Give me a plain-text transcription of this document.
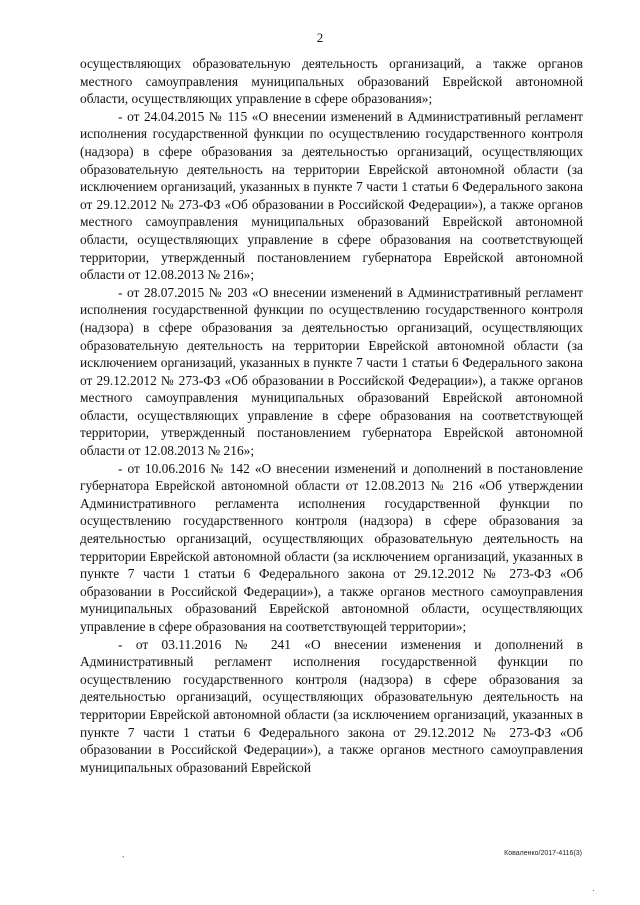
2

осуществляющих образовательную деятельность организаций, а также органов местного самоуправления муниципальных образований Еврейской автономной области, осуществляющих управление в сфере образования»;

- от 24.04.2015 № 115 «О внесении изменений в Административный регламент исполнения государственной функции по осуществлению государственного контроля (надзора) в сфере образования за деятельностью организаций, осуществляющих образовательную деятельность на территории Еврейской автономной области (за исключением организаций, указанных в пункте 7 части 1 статьи 6 Федерального закона от 29.12.2012 № 273-ФЗ «Об образовании в Российской Федерации»), а также органов местного самоуправления муниципальных образований Еврейской автономной области, осуществляющих управление в сфере образования на соответствующей территории, утвержденный постановлением губернатора Еврейской автономной области от 12.08.2013 № 216»;

- от 28.07.2015 № 203 «О внесении изменений в Административный регламент исполнения государственной функции по осуществлению государственного контроля (надзора) в сфере образования за деятельностью организаций, осуществляющих образовательную деятельность на территории Еврейской автономной области (за исключением организаций, указанных в пункте 7 части 1 статьи 6 Федерального закона от 29.12.2012 № 273-ФЗ «Об образовании в Российской Федерации»), а также органов местного самоуправления муниципальных образований Еврейской автономной области, осуществляющих управление в сфере образования на соответствующей территории, утвержденный постановлением губернатора Еврейской автономной области от 12.08.2013 № 216»;

- от 10.06.2016 № 142 «О внесении изменений и дополнений в постановление губернатора Еврейской автономной области от 12.08.2013 № 216 «Об утверждении Административного регламента исполнения государственной функции по осуществлению государственного контроля (надзора) в сфере образования за деятельностью организаций, осуществляющих образовательную деятельность на территории Еврейской автономной области (за исключением организаций, указанных в пункте 7 части 1 статьи 6 Федерального закона от 29.12.2012 № 273-ФЗ «Об образовании в Российской Федерации»), а также органов местного самоуправления муниципальных образований Еврейской автономной области, осуществляющих управление в сфере образования на соответствующей территории»;

- от 03.11.2016 № 241 «О внесении изменения и дополнений в Административный регламент исполнения государственной функции по осуществлению государственного контроля (надзора) в сфере образования за деятельностью организаций, осуществляющих образовательную деятельность на территории Еврейской автономной области (за исключением организаций, указанных в пункте 7 части 1 статьи 6 Федерального закона от 29.12.2012 № 273-ФЗ «Об образовании в Российской Федерации»), а также органов местного самоуправления муниципальных образований Еврейской

Коваленко/2017-4116(3)
`
·
